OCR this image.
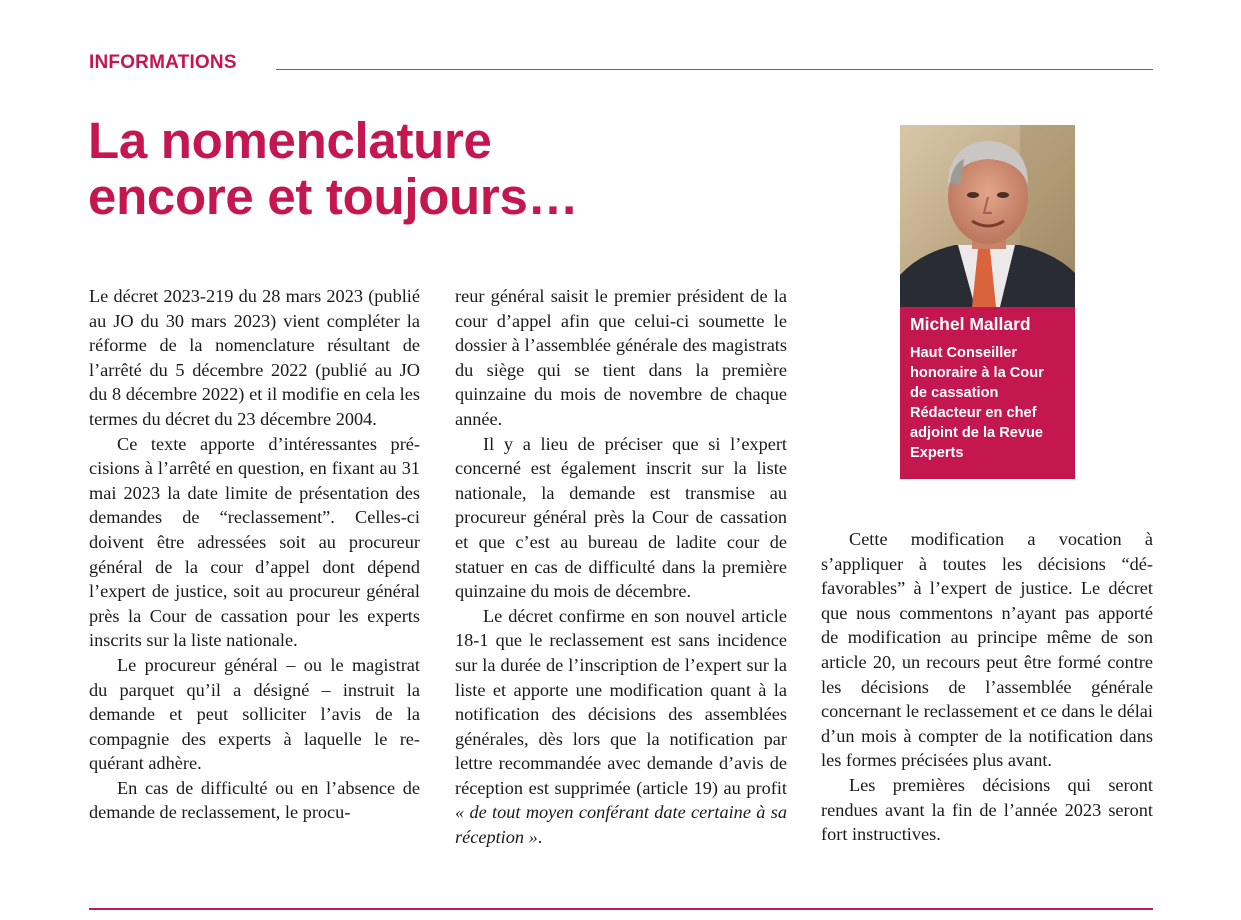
INFORMATIONS
La nomenclature
encore et toujours…

Le décret 2023-219 du 28 mars 2023 (publié au JO du 30 mars 2023) vient compléter la réforme de la nomenclature résultant de l’arrêté du 5 décembre 2022 (publié au JO du 8 décembre 2022) et il modifie en cela les termes du décret du 23 décembre 2004.

Ce texte apporte d’intéressantes précisions à l’arrêté en question, en fixant au 31 mai 2023 la date limite de présentation des demandes de “reclassement”. Celles-ci doivent être adressées soit au procureur général de la cour d’appel dont dépend l’expert de justice, soit au procureur général près la Cour de cassation pour les experts inscrits sur la liste nationale.

Le procureur général – ou le magistrat du parquet qu’il a désigné – instruit la demande et peut solliciter l’avis de la compagnie des experts à laquelle le requérant adhère.

En cas de difficulté ou en l’absence de demande de reclassement, le procu-

reur général saisit le premier président de la cour d’appel afin que celui-ci soumette le dossier à l’assemblée générale des magistrats du siège qui se tient dans la première quinzaine du mois de novembre de chaque année.

Il y a lieu de préciser que si l’expert concerné est également inscrit sur la liste nationale, la demande est transmise au procureur général près la Cour de cassation et que c’est au bureau de ladite cour de statuer en cas de difficulté dans la première quinzaine du mois de décembre.

Le décret confirme en son nouvel article 18-1 que le reclassement est sans incidence sur la durée de l’inscription de l’expert sur la liste et apporte une modification quant à la notification des décisions des assemblées générales, dès lors que la notification par lettre recommandée avec demande d’avis de réception est supprimée (article 19) au profit « de tout moyen conférant date certaine à sa réception ».

Michel Mallard
Haut Conseiller
honoraire à la Cour
de cassation
Rédacteur en chef
adjoint de la Revue
Experts

Cette modification a vocation à s’appliquer à toutes les décisions “défavorables” à l’expert de justice. Le décret que nous commentons n’ayant pas apporté de modification au principe même de son article 20, un recours peut être formé contre les décisions de l’assemblée générale concernant le reclassement et ce dans le délai d’un mois à compter de la notification dans les formes précisées plus avant.

Les premières décisions qui seront rendues avant la fin de l’année 2023 seront fort instructives.
